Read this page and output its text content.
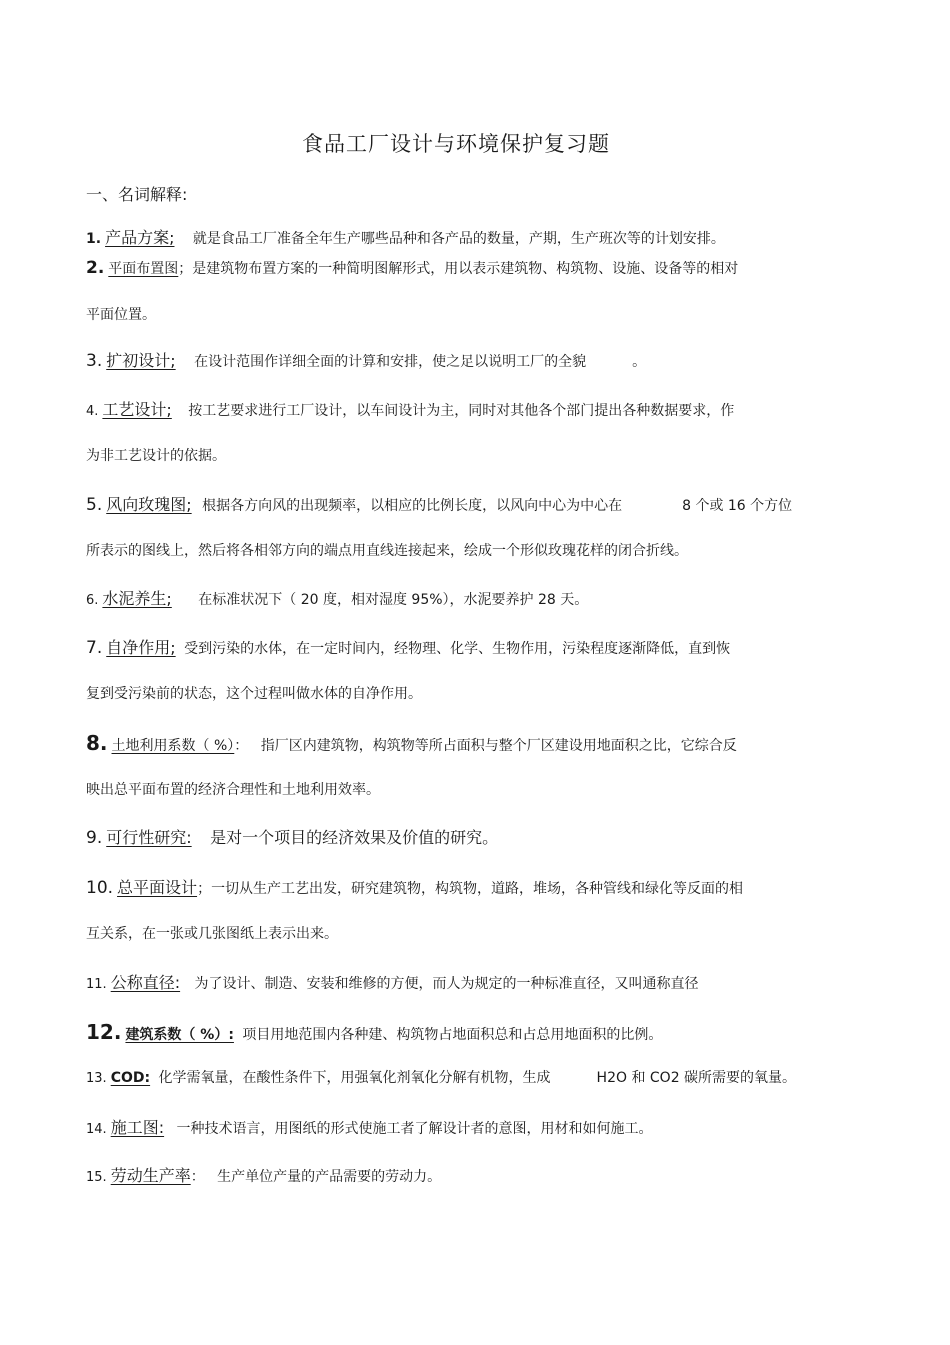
食品工厂设计与环境保护复习题
一、名词解释:
1. 产品方案; 就是食品工厂准备全年生产哪些品种和各产品的数量，产期，生产班次等的计划安排。
2. 平面布置图；是建筑物布置方案的一种简明图解形式，用以表示建筑物、构筑物、设施、设备等的相对
平面位置。
3. 扩初设计; 在设计范围作详细全面的计算和安排，使之足以说明工厂的全貌	。
4. 工艺设计; 按工艺要求进行工厂设计，以车间设计为主，同时对其他各个部门提出各种数据要求，作
为非工艺设计的依据。
5. 风向玫瑰图; 根据各方向风的出现频率，以相应的比例长度，以风向中心为中心在	8 个或 16 个方位
所表示的图线上，然后将各相邻方向的端点用直线连接起来，绘成一个形似玫瑰花样的闭合折线。
6. 水泥养生; 在标准状况下（ 20 度，相对湿度 95%），水泥要养护 28 天。
7. 自净作用; 受到污染的水体，在一定时间内，经物理、化学、生物作用，污染程度逐渐降低，直到恢
复到受污染前的状态，这个过程叫做水体的自净作用。
8. 土地利用系数（ %）： 指厂区内建筑物，构筑物等所占面积与整个厂区建设用地面积之比，它综合反
映出总平面布置的经济合理性和土地利用效率。
9. 可行性研究: 是对一个项目的经济效果及价值的研究。
10. 总平面设计；一切从生产工艺出发，研究建筑物，构筑物，道路，堆场，各种管线和绿化等反面的相
互关系，在一张或几张图纸上表示出来。
11. 公称直径: 为了设计、制造、安装和维修的方便，而人为规定的一种标准直径，又叫通称直径
12. 建筑系数（ %）: 项目用地范围内各种建、构筑物占地面积总和占总用地面积的比例。
13. COD: 化学需氧量，在酸性条件下，用强氧化剂氧化分解有机物，生成	H2O 和 CO2 碳所需要的氧量。
14. 施工图: 一种技术语言，用图纸的形式使施工者了解设计者的意图，用材和如何施工。
15. 劳动生产率： 生产单位产量的产品需要的劳动力。
